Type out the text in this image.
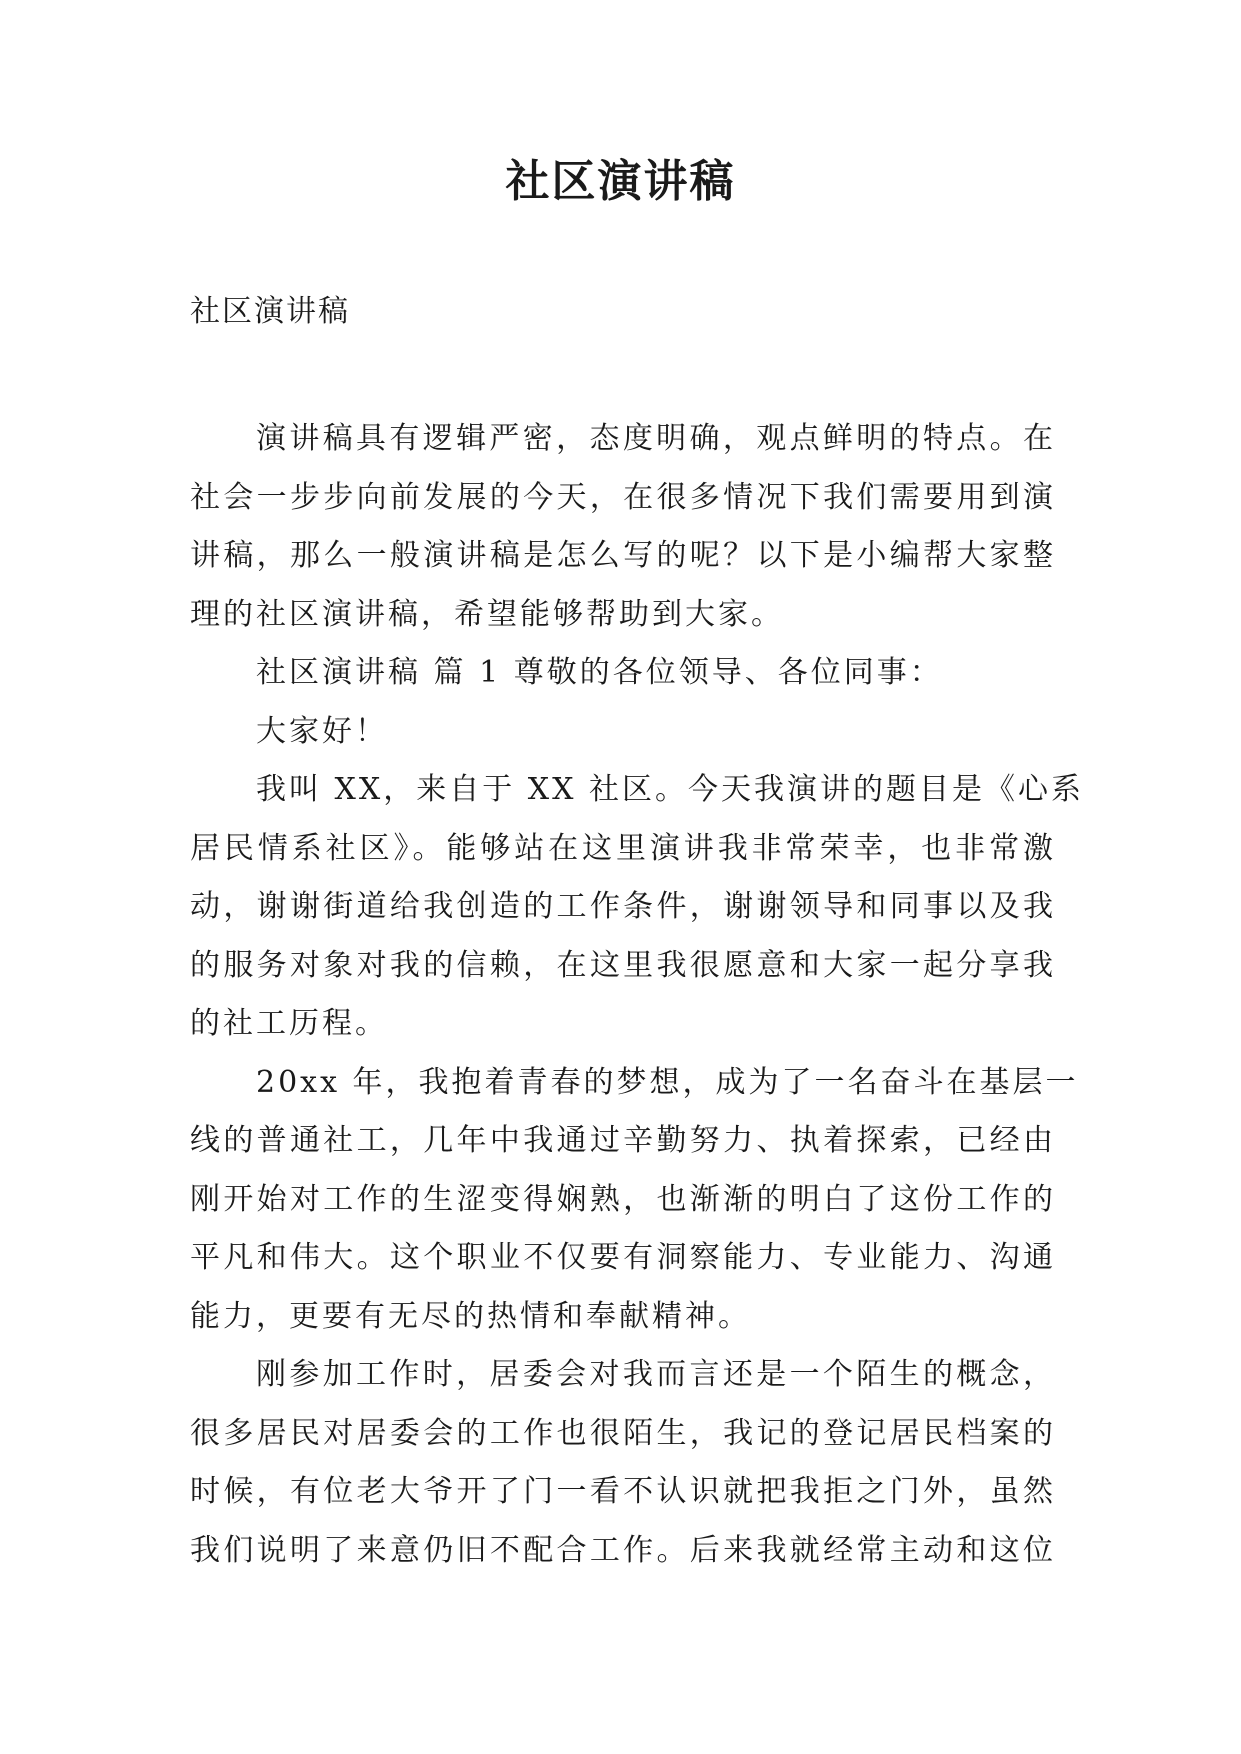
社区演讲稿

社区演讲稿

演讲稿具有逻辑严密，态度明确，观点鲜明的特点。在
社会一步步向前发展的今天，在很多情况下我们需要用到演
讲稿，那么一般演讲稿是怎么写的呢？以下是小编帮大家整
理的社区演讲稿，希望能够帮助到大家。
社区演讲稿 篇 1 尊敬的各位领导、各位同事：
大家好！
我叫 XX，来自于 XX 社区。今天我演讲的题目是《心系
居民情系社区》。能够站在这里演讲我非常荣幸，也非常激
动，谢谢街道给我创造的工作条件，谢谢领导和同事以及我
的服务对象对我的信赖，在这里我很愿意和大家一起分享我
的社工历程。
20xx 年，我抱着青春的梦想，成为了一名奋斗在基层一
线的普通社工，几年中我通过辛勤努力、执着探索，已经由
刚开始对工作的生涩变得娴熟，也渐渐的明白了这份工作的
平凡和伟大。这个职业不仅要有洞察能力、专业能力、沟通
能力，更要有无尽的热情和奉献精神。
刚参加工作时，居委会对我而言还是一个陌生的概念，
很多居民对居委会的工作也很陌生，我记的登记居民档案的
时候，有位老大爷开了门一看不认识就把我拒之门外，虽然
我们说明了来意仍旧不配合工作。后来我就经常主动和这位
